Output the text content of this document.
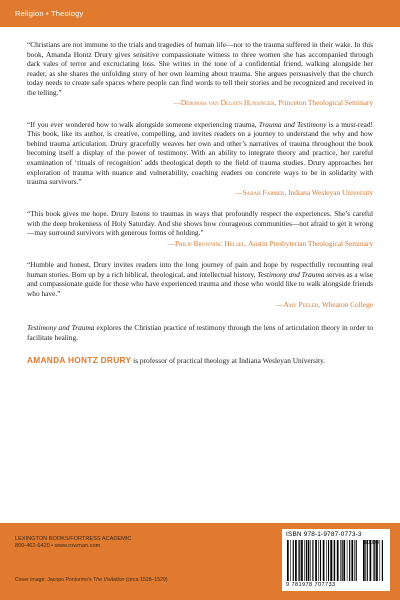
Religion • Theology

“Christians are not immune to the trials and tragedies of human life—nor to the trauma suffered in their wake. In this book, Amanda Hontz Drury gives sensitive compassionate witness to three women she has accompanied through dark vales of terror and excruciating loss. She writes in the tone of a confidential friend, walking alongside her reader, as she shares the unfolding story of her own learning about trauma. She argues persuasively that the church today needs to create safe spaces where people can find words to tell their stories and be recognized and received in the telling.”
—Deborah van Deusen Hunsinger, Princeton Theological Seminary

“If you ever wondered how to walk alongside someone experiencing trauma, Trauma and Testimony is a must-read! This book, like its author, is creative, compelling, and invites readers on a journey to understand the why and how behind trauma articulation. Drury gracefully weaves her own and other’s narratives of trauma throughout the book becoming itself a display of the power of testimony. With an ability to integrate theory and practice, her careful examination of ‘rituals of recognition’ adds theological depth to the field of trauma studies. Drury approaches her exploration of trauma with nuance and vulnerability, coaching readers on concrete ways to be in solidarity with trauma survivors.”
—Sarah Farmer, Indiana Wesleyan University

“This book gives me hope. Drury listens to traumas in ways that profoundly respect the experiences. She’s careful with the deep brokenness of Holy Saturday. And she shows how courageous communities—not afraid to get it wrong—may surround survivors with generous forms of holding.”
—Philip Browning Helsel, Austin Presbyterian Theological Seminary

“Humble and honest, Drury invites readers into the long journey of pain and hope by respectfully recounting real human stories. Born up by a rich biblical, theological, and intellectual history, Testimony and Trauma serves as a wise and compassionate guide for those who have experienced trauma and those who would like to walk alongside friends who have.”
—Amy Peeler, Wheaton College

Testimony and Trauma explores the Christian practice of testimony through the lens of articulation theory in order to facilitate healing.

AMANDA HONTZ DRURY is professor of practical theology at Indiana Wesleyan University.

LEXINGTON BOOKS/FORTRESS ACADEMIC
800-462-6420 • www.rowman.com
Cover image: Jacopo Pontormo’s The Visitation (circa 1528–1529)
ISBN 978-1-9787-0773-3
9 781978 707733
90000
